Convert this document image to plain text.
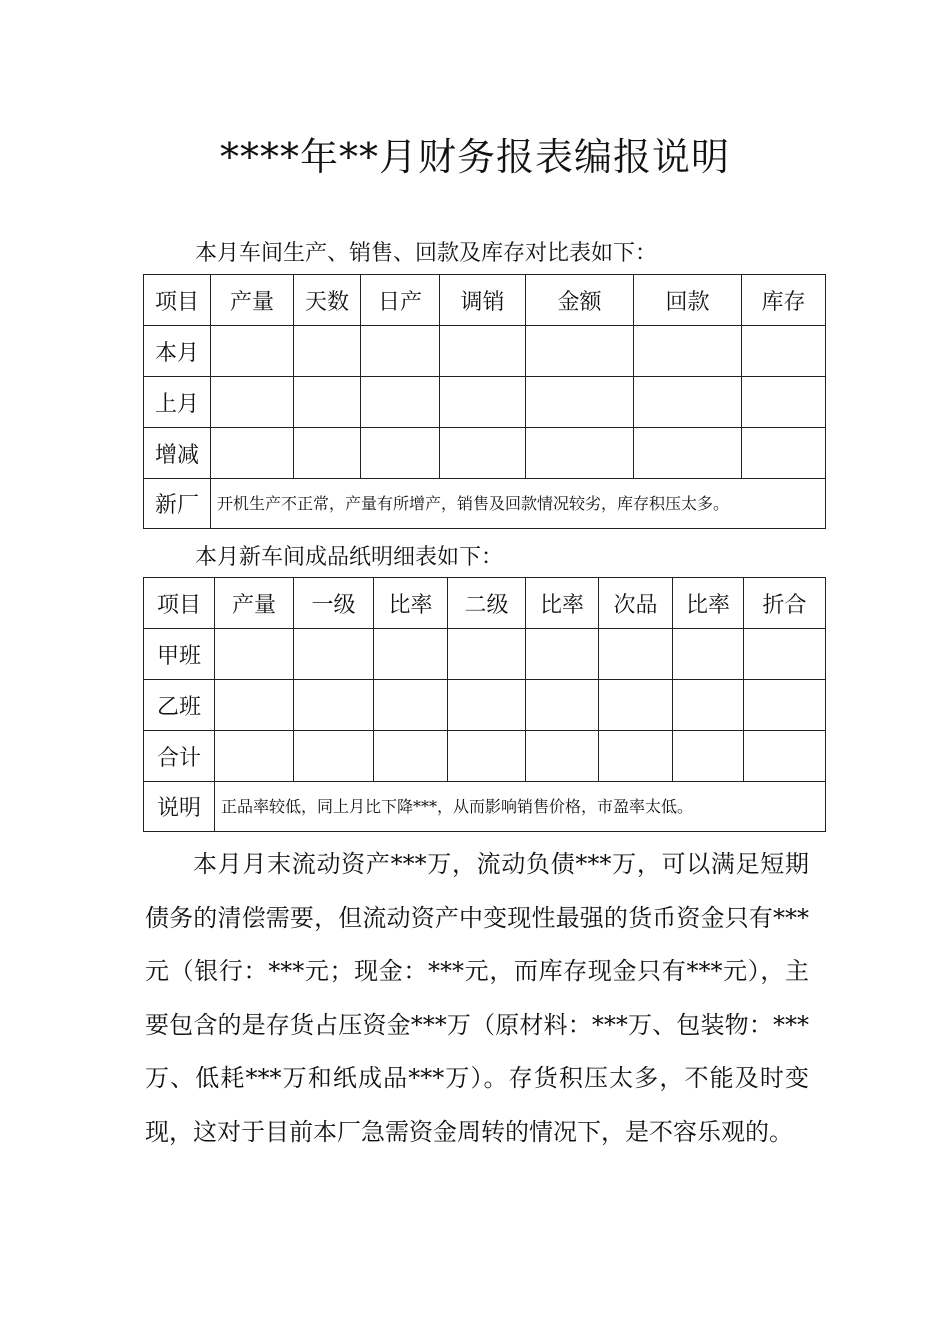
****年**月财务报表编报说明
本月车间生产、销售、回款及库存对比表如下：
项目	产量	天数	日产	调销	金额	回款	库存
本月							
上月							
增减							
新厂	开机生产不正常，产量有所增产，销售及回款情况较劣，库存积压太多。						
本月新车间成品纸明细表如下：
项目	产量	一级	比率	二级	比率	次品	比率	折合
甲班								
乙班								
合计								
说明	正品率较低，同上月比下降***，从而影响销售价格，市盈率太低。							
本月月末流动资产***万，流动负债***万，可以满足短期债务的清偿需要，但流动资产中变现性最强的货币资金只有***元（银行：***元；现金：***元，而库存现金只有***元），主要包含的是存货占压资金***万（原材料：***万、包装物：***万、低耗***万和纸成品***万）。存货积压太多，不能及时变现，这对于目前本厂急需资金周转的情况下，是不容乐观的。
